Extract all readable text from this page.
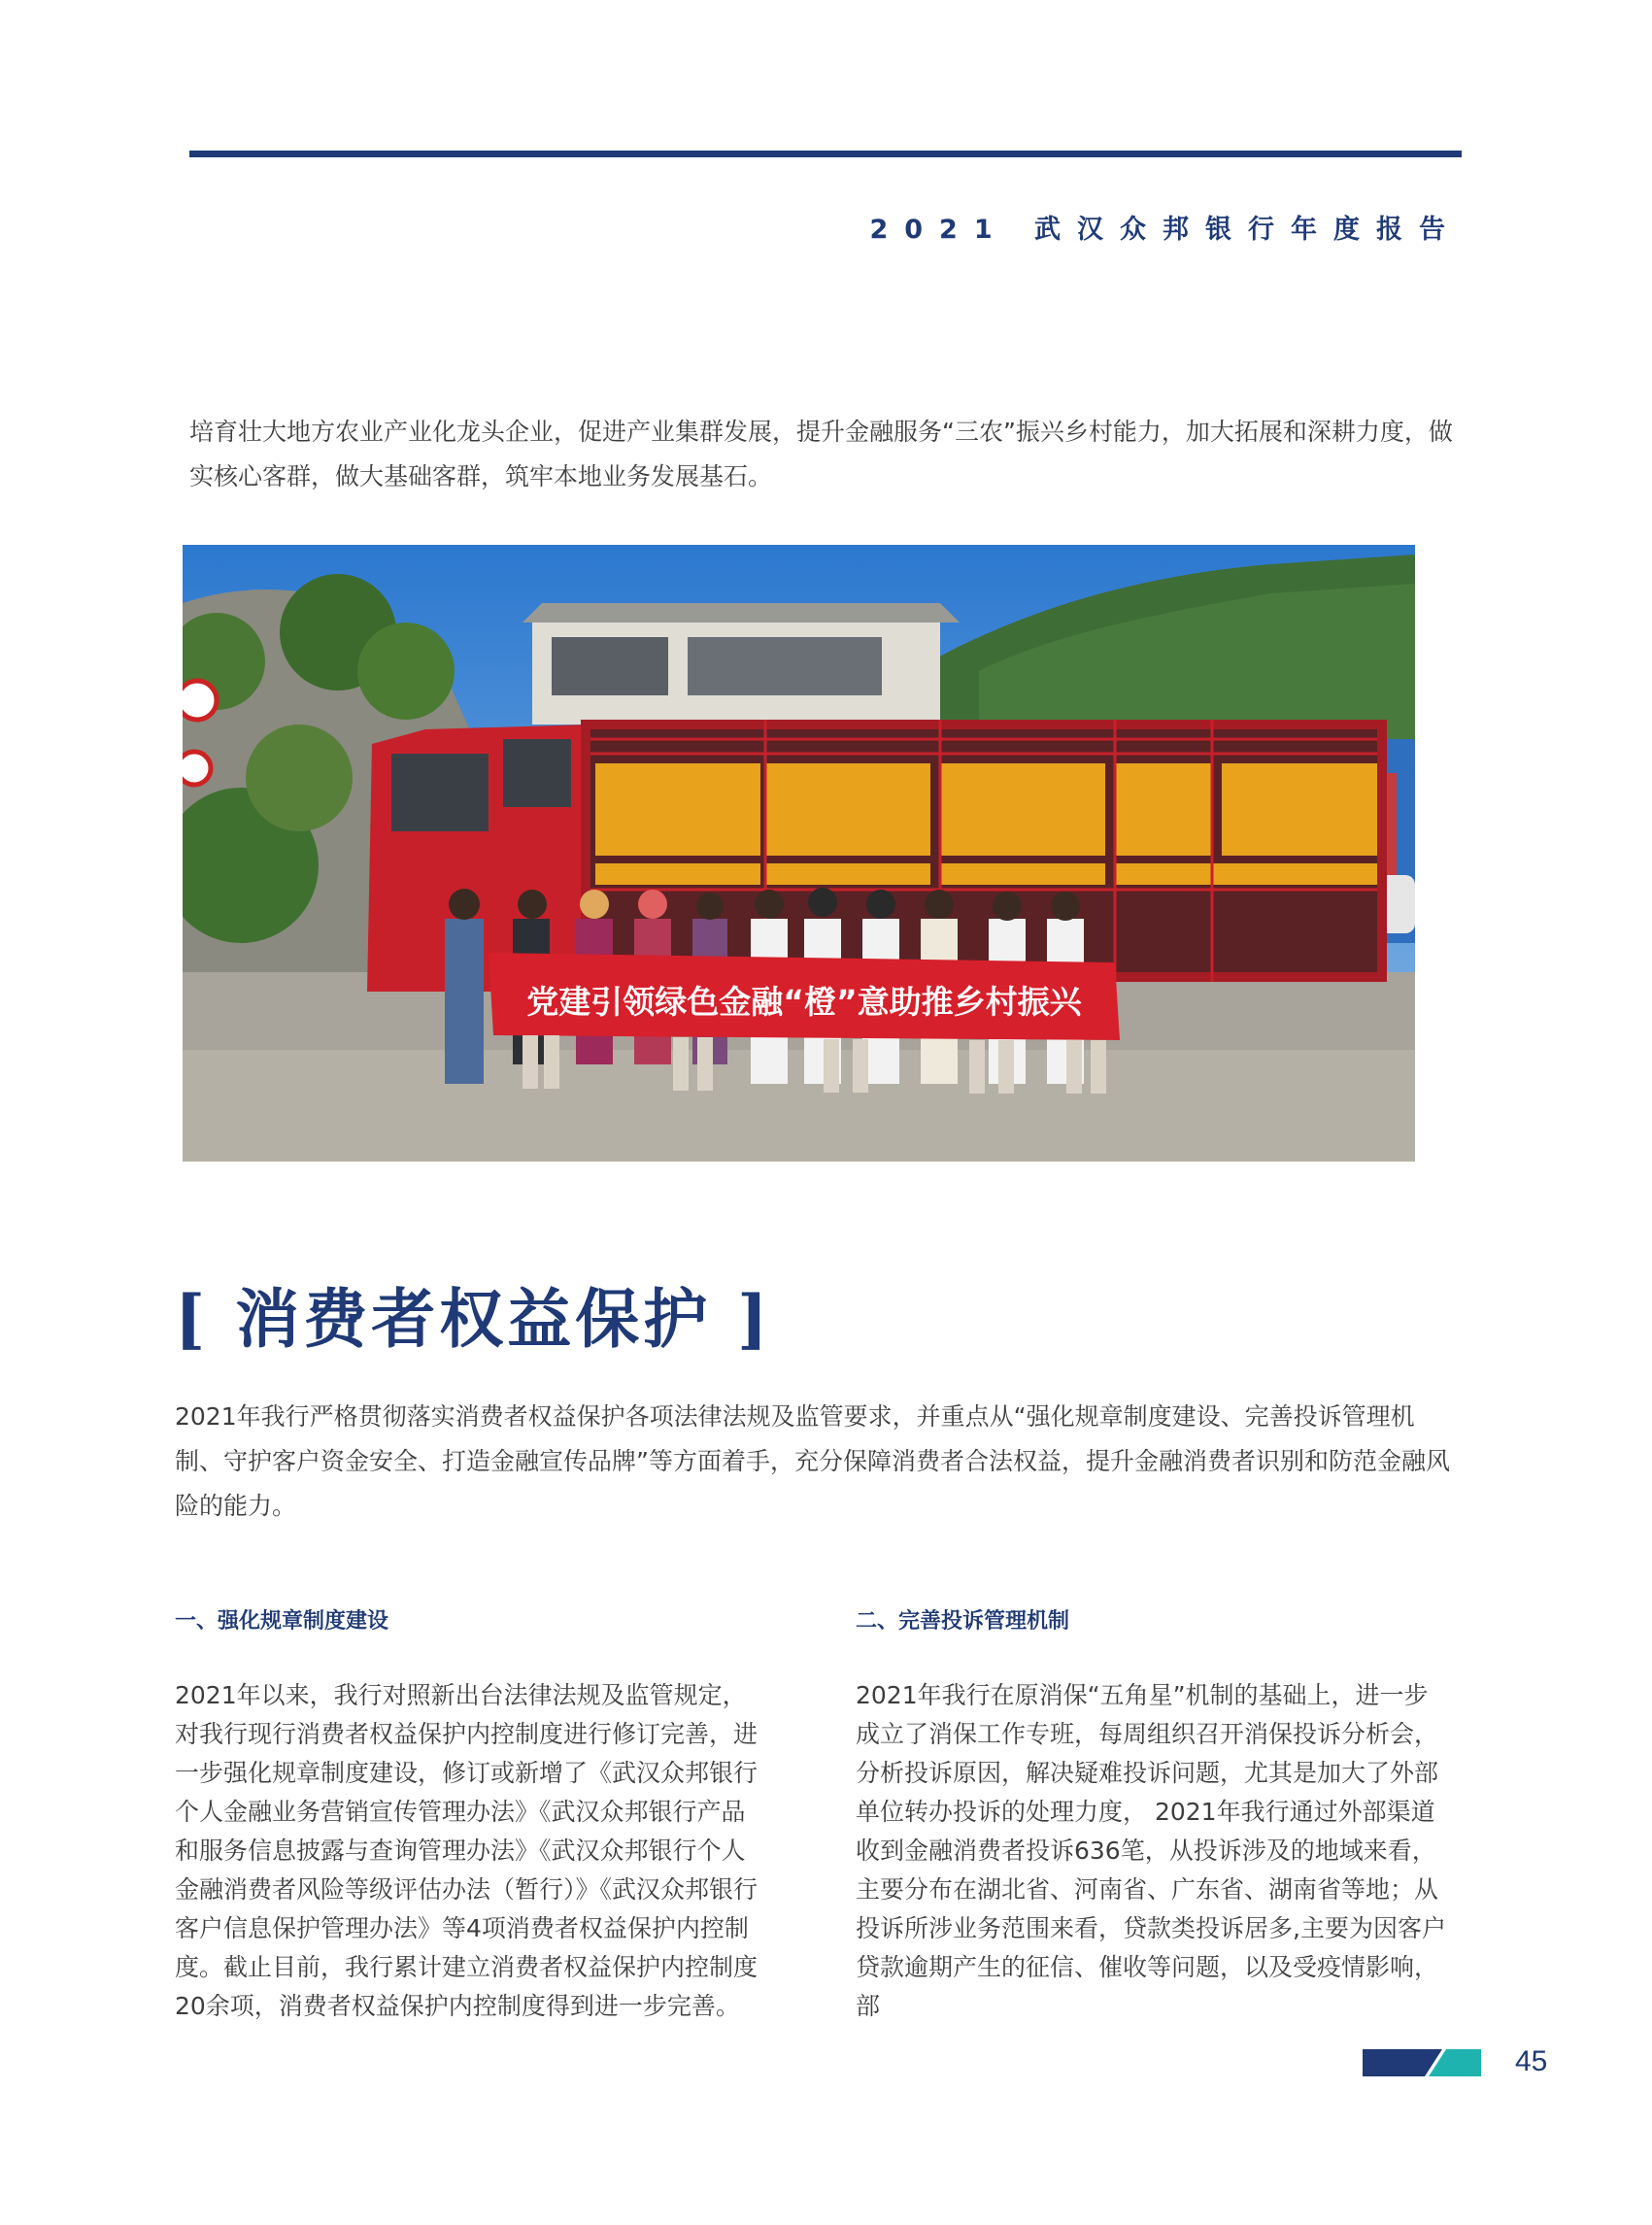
2021 武汉众邦银行年度报告

培育壮大地方农业产业化龙头企业，促进产业集群发展，提升金融服务“三农”振兴乡村能力，加大拓展和深耕力度，做实核心客群，做大基础客群，筑牢本地业务发展基石。

党建引领绿色金融“橙”意助推乡村振兴
[ 消费者权益保护 ]

2021年我行严格贯彻落实消费者权益保护各项法律法规及监管要求，并重点从“强化规章制度建设、完善投诉管理机制、守护客户资金安全、打造金融宣传品牌”等方面着手，充分保障消费者合法权益，提升金融消费者识别和防范金融风险的能力。

一、强化规章制度建设

2021年以来，我行对照新出台法律法规及监管规定，对我行现行消费者权益保护内控制度进行修订完善，进一步强化规章制度建设，修订或新增了《武汉众邦银行个人金融业务营销宣传管理办法》《武汉众邦银行产品和服务信息披露与查询管理办法》《武汉众邦银行个人金融消费者风险等级评估办法（暂行）》《武汉众邦银行客户信息保护管理办法》等4项消费者权益保护内控制度。截止目前，我行累计建立消费者权益保护内控制度20余项，消费者权益保护内控制度得到进一步完善。

二、完善投诉管理机制

2021年我行在原消保“五角星”机制的基础上，进一步成立了消保工作专班，每周组织召开消保投诉分析会，分析投诉原因，解决疑难投诉问题，尤其是加大了外部单位转办投诉的处理力度， 2021年我行通过外部渠道收到金融消费者投诉636笔，从投诉涉及的地域来看，主要分布在湖北省、河南省、广东省、湖南省等地；从投诉所涉业务范围来看，贷款类投诉居多,主要为因客户贷款逾期产生的征信、催收等问题，以及受疫情影响，部

45
